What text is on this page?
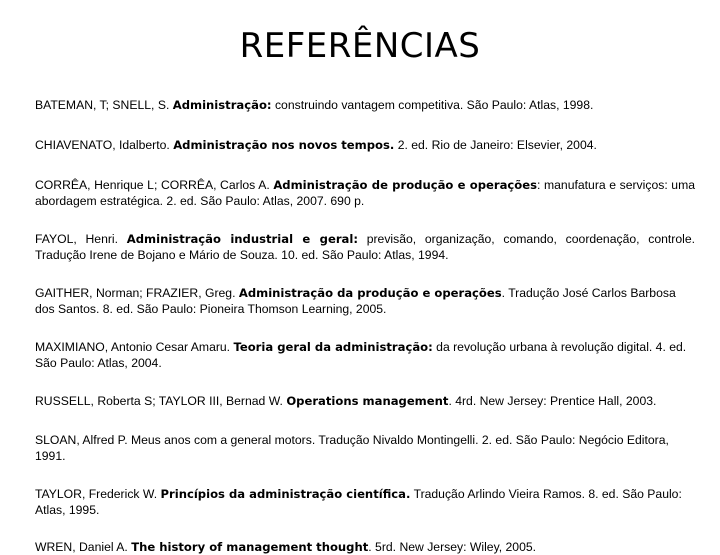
REFERÊNCIAS
BATEMAN, T; SNELL, S. Administração: construindo vantagem competitiva. São Paulo: Atlas, 1998.
CHIAVENATO, Idalberto. Administração nos novos tempos. 2. ed. Rio de Janeiro: Elsevier, 2004.
CORRÊA, Henrique L; CORRÊA, Carlos A. Administração de produção e operações: manufatura e serviços: uma abordagem estratégica. 2. ed. São Paulo: Atlas, 2007. 690 p.
FAYOL, Henri. Administração industrial e geral: previsão, organização, comando, coordenação, controle. Tradução Irene de Bojano e Mário de Souza. 10. ed. São Paulo: Atlas, 1994.
GAITHER, Norman; FRAZIER, Greg. Administração da produção e operações. Tradução José Carlos Barbosa dos Santos. 8. ed. São Paulo: Pioneira Thomson Learning, 2005.
MAXIMIANO, Antonio Cesar Amaru. Teoria geral da administração: da revolução urbana à revolução digital. 4. ed. São Paulo: Atlas, 2004.
RUSSELL, Roberta S; TAYLOR III, Bernad W. Operations management. 4rd. New Jersey: Prentice Hall, 2003.
SLOAN, Alfred P. Meus anos com a general motors. Tradução Nivaldo Montingelli. 2. ed. São Paulo: Negócio Editora, 1991.
TAYLOR, Frederick W. Princípios da administração científica. Tradução Arlindo Vieira Ramos. 8. ed. São Paulo: Atlas, 1995.
WREN, Daniel A. The history of management thought. 5rd. New Jersey: Wiley, 2005.
